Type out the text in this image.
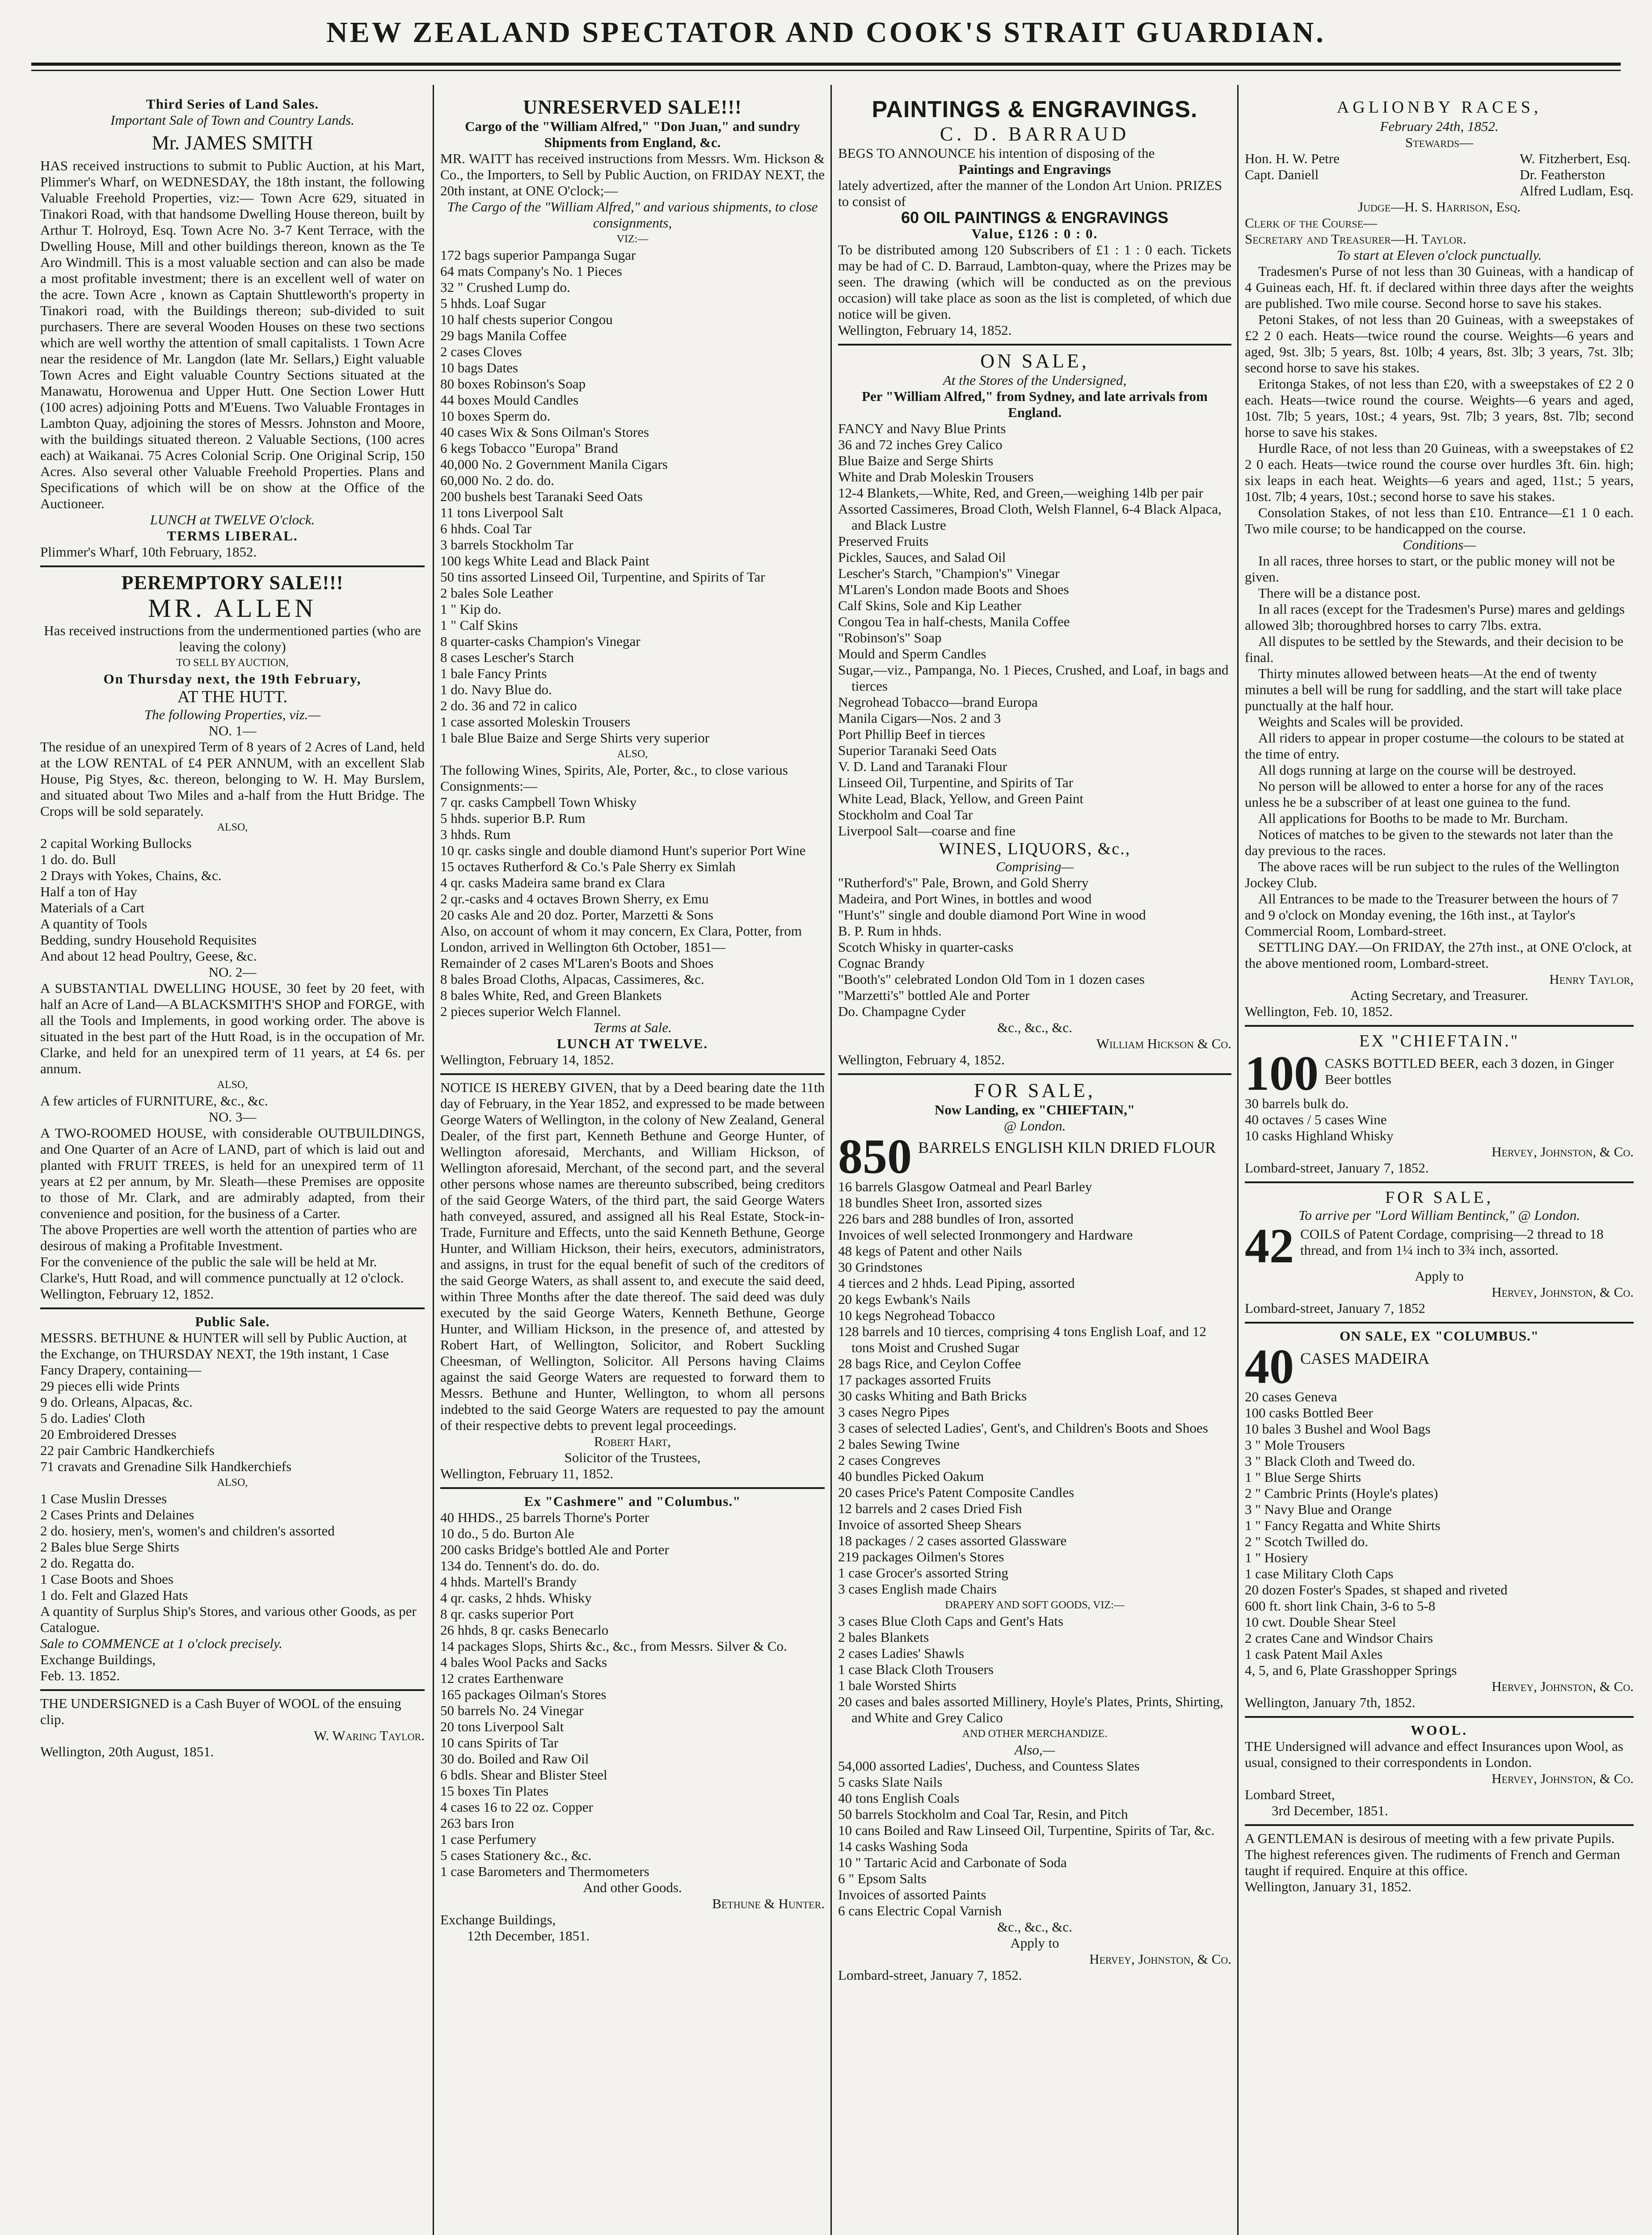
NEW ZEALAND SPECTATOR AND COOK'S STRAIT GUARDIAN.

Third Series of Land Sales.

Important Sale of Town and Country Lands.

Mr. JAMES SMITH

HAS received instructions to submit to Public Auction, at his Mart, Plimmer's Wharf, on WEDNESDAY, the 18th instant, the following Valuable Freehold Properties, viz:— Town Acre 629, situated in Tinakori Road, with that handsome Dwelling House thereon, built by Arthur T. Holroyd, Esq. Town Acre No. 3-7 Kent Terrace, with the Dwelling House, Mill and other buildings thereon, known as the Te Aro Windmill. This is a most valuable section and can also be made a most profitable investment; there is an excellent well of water on the acre. Town Acre , known as Captain Shuttleworth's property in Tinakori road, with the Buildings thereon; sub-divided to suit purchasers. There are several Wooden Houses on these two sections which are well worthy the attention of small capitalists. 1 Town Acre near the residence of Mr. Langdon (late Mr. Sellars,) Eight valuable Town Acres and Eight valuable Country Sections situated at the Manawatu, Horowenua and Upper Hutt. One Section Lower Hutt (100 acres) adjoining Potts and M'Euens. Two Valuable Frontages in Lambton Quay, adjoining the stores of Messrs. Johnston and Moore, with the buildings situated thereon. 2 Valuable Sections, (100 acres each) at Waikanai. 75 Acres Colonial Scrip. One Original Scrip, 150 Acres. Also several other Valuable Freehold Properties. Plans and Specifications of which will be on show at the Office of the Auctioneer.

LUNCH at TWELVE O'clock.

TERMS LIBERAL.

Plimmer's Wharf, 10th February, 1852.

PEREMPTORY SALE!!!

MR. ALLEN

Has received instructions from the undermentioned parties (who are leaving the colony)

TO SELL BY AUCTION,

On Thursday next, the 19th February,

AT THE HUTT.

The following Properties, viz.—

NO. 1—

The residue of an unexpired Term of 8 years of 2 Acres of Land, held at the LOW RENTAL of £4 PER ANNUM, with an excellent Slab House, Pig Styes, &c. thereon, belonging to W. H. May Burslem, and situated about Two Miles and a-half from the Hutt Bridge. The Crops will be sold separately.

ALSO,

2 capital Working Bullocks

1 do. do. Bull

2 Drays with Yokes, Chains, &c.

Half a ton of Hay

Materials of a Cart

A quantity of Tools

Bedding, sundry Household Requisites

And about 12 head Poultry, Geese, &c.

NO. 2—

A SUBSTANTIAL DWELLING HOUSE, 30 feet by 20 feet, with half an Acre of Land—A BLACKSMITH'S SHOP and FORGE, with all the Tools and Implements, in good working order. The above is situated in the best part of the Hutt Road, is in the occupation of Mr. Clarke, and held for an unexpired term of 11 years, at £4 6s. per annum.

ALSO,

A few articles of FURNITURE, &c., &c.

NO. 3—

A TWO-ROOMED HOUSE, with considerable OUTBUILDINGS, and One Quarter of an Acre of LAND, part of which is laid out and planted with FRUIT TREES, is held for an unexpired term of 11 years at £2 per annum, by Mr. Sleath—these Premises are opposite to those of Mr. Clark, and are admirably adapted, from their convenience and position, for the business of a Carter.

The above Properties are well worth the attention of parties who are desirous of making a Profitable Investment.

For the convenience of the public the sale will be held at Mr. Clarke's, Hutt Road, and will commence punctually at 12 o'clock.

Wellington, February 12, 1852.

Public Sale.

MESSRS. BETHUNE & HUNTER will sell by Public Auction, at the Exchange, on THURSDAY NEXT, the 19th instant, 1 Case Fancy Drapery, containing—

29 pieces elli wide Prints

9 do. Orleans, Alpacas, &c.

5 do. Ladies' Cloth

20 Embroidered Dresses

22 pair Cambric Handkerchiefs

71 cravats and Grenadine Silk Handkerchiefs

ALSO,

1 Case Muslin Dresses

2 Cases Prints and Delaines

2 do. hosiery, men's, women's and children's assorted

2 Bales blue Serge Shirts

2 do. Regatta do.

1 Case Boots and Shoes

1 do. Felt and Glazed Hats

A quantity of Surplus Ship's Stores, and various other Goods, as per Catalogue.

Sale to COMMENCE at 1 o'clock precisely.

Exchange Buildings,

Feb. 13. 1852.

THE UNDERSIGNED is a Cash Buyer of WOOL of the ensuing clip.

W. Waring Taylor.

Wellington, 20th August, 1851.

UNRESERVED SALE!!!

Cargo of the "William Alfred," "Don Juan," and sundry Shipments from England, &c.

MR. WAITT has received instructions from Messrs. Wm. Hickson & Co., the Importers, to Sell by Public Auction, on FRIDAY NEXT, the 20th instant, at ONE O'clock;—

The Cargo of the "William Alfred," and various shipments, to close consignments,

VIZ:—

172 bags superior Pampanga Sugar

64 mats Company's No. 1 Pieces

32 " Crushed Lump do.

5 hhds. Loaf Sugar

10 half chests superior Congou

29 bags Manila Coffee

2 cases Cloves

10 bags Dates

80 boxes Robinson's Soap

44 boxes Mould Candles

10 boxes Sperm do.

40 cases Wix & Sons Oilman's Stores

6 kegs Tobacco "Europa" Brand

40,000 No. 2 Government Manila Cigars

60,000 No. 2 do. do.

200 bushels best Taranaki Seed Oats

11 tons Liverpool Salt

6 hhds. Coal Tar

3 barrels Stockholm Tar

100 kegs White Lead and Black Paint

50 tins assorted Linseed Oil, Turpentine, and Spirits of Tar

2 bales Sole Leather

1 " Kip do.

1 " Calf Skins

8 quarter-casks Champion's Vinegar

8 cases Lescher's Starch

1 bale Fancy Prints

1 do. Navy Blue do.

2 do. 36 and 72 in calico

1 case assorted Moleskin Trousers

1 bale Blue Baize and Serge Shirts very superior

ALSO,

The following Wines, Spirits, Ale, Porter, &c., to close various Consignments:—

7 qr. casks Campbell Town Whisky

5 hhds. superior B.P. Rum

3 hhds. Rum

10 qr. casks single and double diamond Hunt's superior Port Wine

15 octaves Rutherford & Co.'s Pale Sherry ex Simlah

4 qr. casks Madeira same brand ex Clara

2 qr.-casks and 4 octaves Brown Sherry, ex Emu

20 casks Ale and 20 doz. Porter, Marzetti & Sons

Also, on account of whom it may concern, Ex Clara, Potter, from London, arrived in Wellington 6th October, 1851—

Remainder of 2 cases M'Laren's Boots and Shoes

8 bales Broad Cloths, Alpacas, Cassimeres, &c.

8 bales White, Red, and Green Blankets

2 pieces superior Welch Flannel.

Terms at Sale.

LUNCH AT TWELVE.

Wellington, February 14, 1852.

NOTICE IS HEREBY GIVEN, that by a Deed bearing date the 11th day of February, in the Year 1852, and expressed to be made between George Waters of Wellington, in the colony of New Zealand, General Dealer, of the first part, Kenneth Bethune and George Hunter, of Wellington aforesaid, Merchants, and William Hickson, of Wellington aforesaid, Merchant, of the second part, and the several other persons whose names are thereunto subscribed, being creditors of the said George Waters, of the third part, the said George Waters hath conveyed, assured, and assigned all his Real Estate, Stock-in-Trade, Furniture and Effects, unto the said Kenneth Bethune, George Hunter, and William Hickson, their heirs, executors, administrators, and assigns, in trust for the equal benefit of such of the creditors of the said George Waters, as shall assent to, and execute the said deed, within Three Months after the date thereof. The said deed was duly executed by the said George Waters, Kenneth Bethune, George Hunter, and William Hickson, in the presence of, and attested by Robert Hart, of Wellington, Solicitor, and Robert Suckling Cheesman, of Wellington, Solicitor. All Persons having Claims against the said George Waters are requested to forward them to Messrs. Bethune and Hunter, Wellington, to whom all persons indebted to the said George Waters are requested to pay the amount of their respective debts to prevent legal proceedings.

Robert Hart,

Solicitor of the Trustees,

Wellington, February 11, 1852.

Ex "Cashmere" and "Columbus."

40 HHDS., 25 barrels Thorne's Porter

10 do., 5 do. Burton Ale

200 casks Bridge's bottled Ale and Porter

134 do. Tennent's do. do. do.

4 hhds. Martell's Brandy

4 qr. casks, 2 hhds. Whisky

8 qr. casks superior Port

26 hhds, 8 qr. casks Benecarlo

14 packages Slops, Shirts &c., &c., from Messrs. Silver & Co.

4 bales Wool Packs and Sacks

12 crates Earthenware

165 packages Oilman's Stores

50 barrels No. 24 Vinegar

20 tons Liverpool Salt

10 cans Spirits of Tar

30 do. Boiled and Raw Oil

6 bdls. Shear and Blister Steel

15 boxes Tin Plates

4 cases 16 to 22 oz. Copper

263 bars Iron

1 case Perfumery

5 cases Stationery &c., &c.

1 case Barometers and Thermometers

And other Goods.

Bethune & Hunter.

Exchange Buildings,

12th December, 1851.

PAINTINGS & ENGRAVINGS.

C. D. BARRAUD

BEGS TO ANNOUNCE his intention of disposing of the

Paintings and Engravings

lately advertized, after the manner of the London Art Union. PRIZES to consist of

60 OIL PAINTINGS & ENGRAVINGS

Value, £126 : 0 : 0.

To be distributed among 120 Subscribers of £1 : 1 : 0 each. Tickets may be had of C. D. Barraud, Lambton-quay, where the Prizes may be seen. The drawing (which will be conducted as on the previous occasion) will take place as soon as the list is completed, of which due notice will be given.

Wellington, February 14, 1852.

ON SALE,

At the Stores of the Undersigned,

Per "William Alfred," from Sydney, and late arrivals from England.

FANCY and Navy Blue Prints

36 and 72 inches Grey Calico

Blue Baize and Serge Shirts

White and Drab Moleskin Trousers

12-4 Blankets,—White, Red, and Green,—weighing 14lb per pair

Assorted Cassimeres, Broad Cloth, Welsh Flannel, 6-4 Black Alpaca, and Black Lustre

Preserved Fruits

Pickles, Sauces, and Salad Oil

Lescher's Starch, "Champion's" Vinegar

M'Laren's London made Boots and Shoes

Calf Skins, Sole and Kip Leather

Congou Tea in half-chests, Manila Coffee

"Robinson's" Soap

Mould and Sperm Candles

Sugar,—viz., Pampanga, No. 1 Pieces, Crushed, and Loaf, in bags and tierces

Negrohead Tobacco—brand Europa

Manila Cigars—Nos. 2 and 3

Port Phillip Beef in tierces

Superior Taranaki Seed Oats

V. D. Land and Taranaki Flour

Linseed Oil, Turpentine, and Spirits of Tar

White Lead, Black, Yellow, and Green Paint

Stockholm and Coal Tar

Liverpool Salt—coarse and fine

WINES, LIQUORS, &c.,

Comprising—

"Rutherford's" Pale, Brown, and Gold Sherry

Madeira, and Port Wines, in bottles and wood

"Hunt's" single and double diamond Port Wine in wood

B. P. Rum in hhds.

Scotch Whisky in quarter-casks

Cognac Brandy

"Booth's" celebrated London Old Tom in 1 dozen cases

"Marzetti's" bottled Ale and Porter

Do. Champagne Cyder

&c., &c., &c.

William Hickson & Co.

Wellington, February 4, 1852.

FOR SALE,

Now Landing, ex "CHIEFTAIN,"

@ London.

850 BARRELS ENGLISH KILN DRIED FLOUR

16 barrels Glasgow Oatmeal and Pearl Barley

18 bundles Sheet Iron, assorted sizes

226 bars and 288 bundles of Iron, assorted

Invoices of well selected Ironmongery and Hardware

48 kegs of Patent and other Nails

30 Grindstones

4 tierces and 2 hhds. Lead Piping, assorted

20 kegs Ewbank's Nails

10 kegs Negrohead Tobacco

128 barrels and 10 tierces, comprising 4 tons English Loaf, and 12 tons Moist and Crushed Sugar

28 bags Rice, and Ceylon Coffee

17 packages assorted Fruits

30 casks Whiting and Bath Bricks

3 cases Negro Pipes

3 cases of selected Ladies', Gent's, and Children's Boots and Shoes

2 bales Sewing Twine

2 cases Congreves

40 bundles Picked Oakum

20 cases Price's Patent Composite Candles

12 barrels and 2 cases Dried Fish

Invoice of assorted Sheep Shears

18 packages / 2 cases assorted Glassware

219 packages Oilmen's Stores

1 case Grocer's assorted String

3 cases English made Chairs

DRAPERY AND SOFT GOODS, VIZ:—

3 cases Blue Cloth Caps and Gent's Hats

2 bales Blankets

2 cases Ladies' Shawls

1 case Black Cloth Trousers

1 bale Worsted Shirts

20 cases and bales assorted Millinery, Hoyle's Plates, Prints, Shirting, and White and Grey Calico

AND OTHER MERCHANDIZE.

Also,—

54,000 assorted Ladies', Duchess, and Countess Slates

5 casks Slate Nails

40 tons English Coals

50 barrels Stockholm and Coal Tar, Resin, and Pitch

10 cans Boiled and Raw Linseed Oil, Turpentine, Spirits of Tar, &c.

14 casks Washing Soda

10 " Tartaric Acid and Carbonate of Soda

6 " Epsom Salts

Invoices of assorted Paints

6 cans Electric Copal Varnish

&c., &c., &c.

Apply to

Hervey, Johnston, & Co.

Lombard-street, January 7, 1852.

AGLIONBY RACES,

February 24th, 1852.

Stewards—

Hon. H. W. Petre

Capt. Daniell

W. Fitzherbert, Esq.

Dr. Featherston

Alfred Ludlam, Esq.

Judge—H. S. Harrison, Esq.

Clerk of the Course—

Secretary and Treasurer—H. Taylor.

To start at Eleven o'clock punctually.

Tradesmen's Purse of not less than 30 Guineas, with a handicap of 4 Guineas each, Hf. ft. if declared within three days after the weights are published. Two mile course. Second horse to save his stakes.

Petoni Stakes, of not less than 20 Guineas, with a sweepstakes of £2 2 0 each. Heats—twice round the course. Weights—6 years and aged, 9st. 3lb; 5 years, 8st. 10lb; 4 years, 8st. 3lb; 3 years, 7st. 3lb; second horse to save his stakes.

Eritonga Stakes, of not less than £20, with a sweepstakes of £2 2 0 each. Heats—twice round the course. Weights—6 years and aged, 10st. 7lb; 5 years, 10st.; 4 years, 9st. 7lb; 3 years, 8st. 7lb; second horse to save his stakes.

Hurdle Race, of not less than 20 Guineas, with a sweepstakes of £2 2 0 each. Heats—twice round the course over hurdles 3ft. 6in. high; six leaps in each heat. Weights—6 years and aged, 11st.; 5 years, 10st. 7lb; 4 years, 10st.; second horse to save his stakes.

Consolation Stakes, of not less than £10. Entrance—£1 1 0 each. Two mile course; to be handicapped on the course.

Conditions—

In all races, three horses to start, or the public money will not be given.

There will be a distance post.

In all races (except for the Tradesmen's Purse) mares and geldings allowed 3lb; thoroughbred horses to carry 7lbs. extra.

All disputes to be settled by the Stewards, and their decision to be final.

Thirty minutes allowed between heats—At the end of twenty minutes a bell will be rung for saddling, and the start will take place punctually at the half hour.

Weights and Scales will be provided.

All riders to appear in proper costume—the colours to be stated at the time of entry.

All dogs running at large on the course will be destroyed.

No person will be allowed to enter a horse for any of the races unless he be a subscriber of at least one guinea to the fund.

All applications for Booths to be made to Mr. Burcham.

Notices of matches to be given to the stewards not later than the day previous to the races.

The above races will be run subject to the rules of the Wellington Jockey Club.

All Entrances to be made to the Treasurer between the hours of 7 and 9 o'clock on Monday evening, the 16th inst., at Taylor's Commercial Room, Lombard-street.

SETTLING DAY.—On FRIDAY, the 27th inst., at ONE O'clock, at the above mentioned room, Lombard-street.

Henry Taylor,

Acting Secretary, and Treasurer.

Wellington, Feb. 10, 1852.

EX "CHIEFTAIN."

100 CASKS BOTTLED BEER, each 3 dozen, in Ginger Beer bottles

30 barrels bulk do.

40 octaves / 5 cases Wine

10 casks Highland Whisky

Hervey, Johnston, & Co.

Lombard-street, January 7, 1852.

FOR SALE,

To arrive per "Lord William Bentinck," @ London.

42 COILS of Patent Cordage, comprising—2 thread to 18 thread, and from 1¼ inch to 3¾ inch, assorted.

Apply to

Hervey, Johnston, & Co.

Lombard-street, January 7, 1852

ON SALE, EX "COLUMBUS."

40 CASES MADEIRA

20 cases Geneva

100 casks Bottled Beer

10 bales 3 Bushel and Wool Bags

3 " Mole Trousers

3 " Black Cloth and Tweed do.

1 " Blue Serge Shirts

2 " Cambric Prints (Hoyle's plates)

3 " Navy Blue and Orange

1 " Fancy Regatta and White Shirts

2 " Scotch Twilled do.

1 " Hosiery

1 case Military Cloth Caps

20 dozen Foster's Spades, st shaped and riveted

600 ft. short link Chain, 3-6 to 5-8

10 cwt. Double Shear Steel

2 crates Cane and Windsor Chairs

1 cask Patent Mail Axles

4, 5, and 6, Plate Grasshopper Springs

Hervey, Johnston, & Co.

Wellington, January 7th, 1852.

WOOL.

THE Undersigned will advance and effect Insurances upon Wool, as usual, consigned to their correspondents in London.

Hervey, Johnston, & Co.

Lombard Street,

3rd December, 1851.

A GENTLEMAN is desirous of meeting with a few private Pupils. The highest references given. The rudiments of French and German taught if required. Enquire at this office.

Wellington, January 31, 1852.
